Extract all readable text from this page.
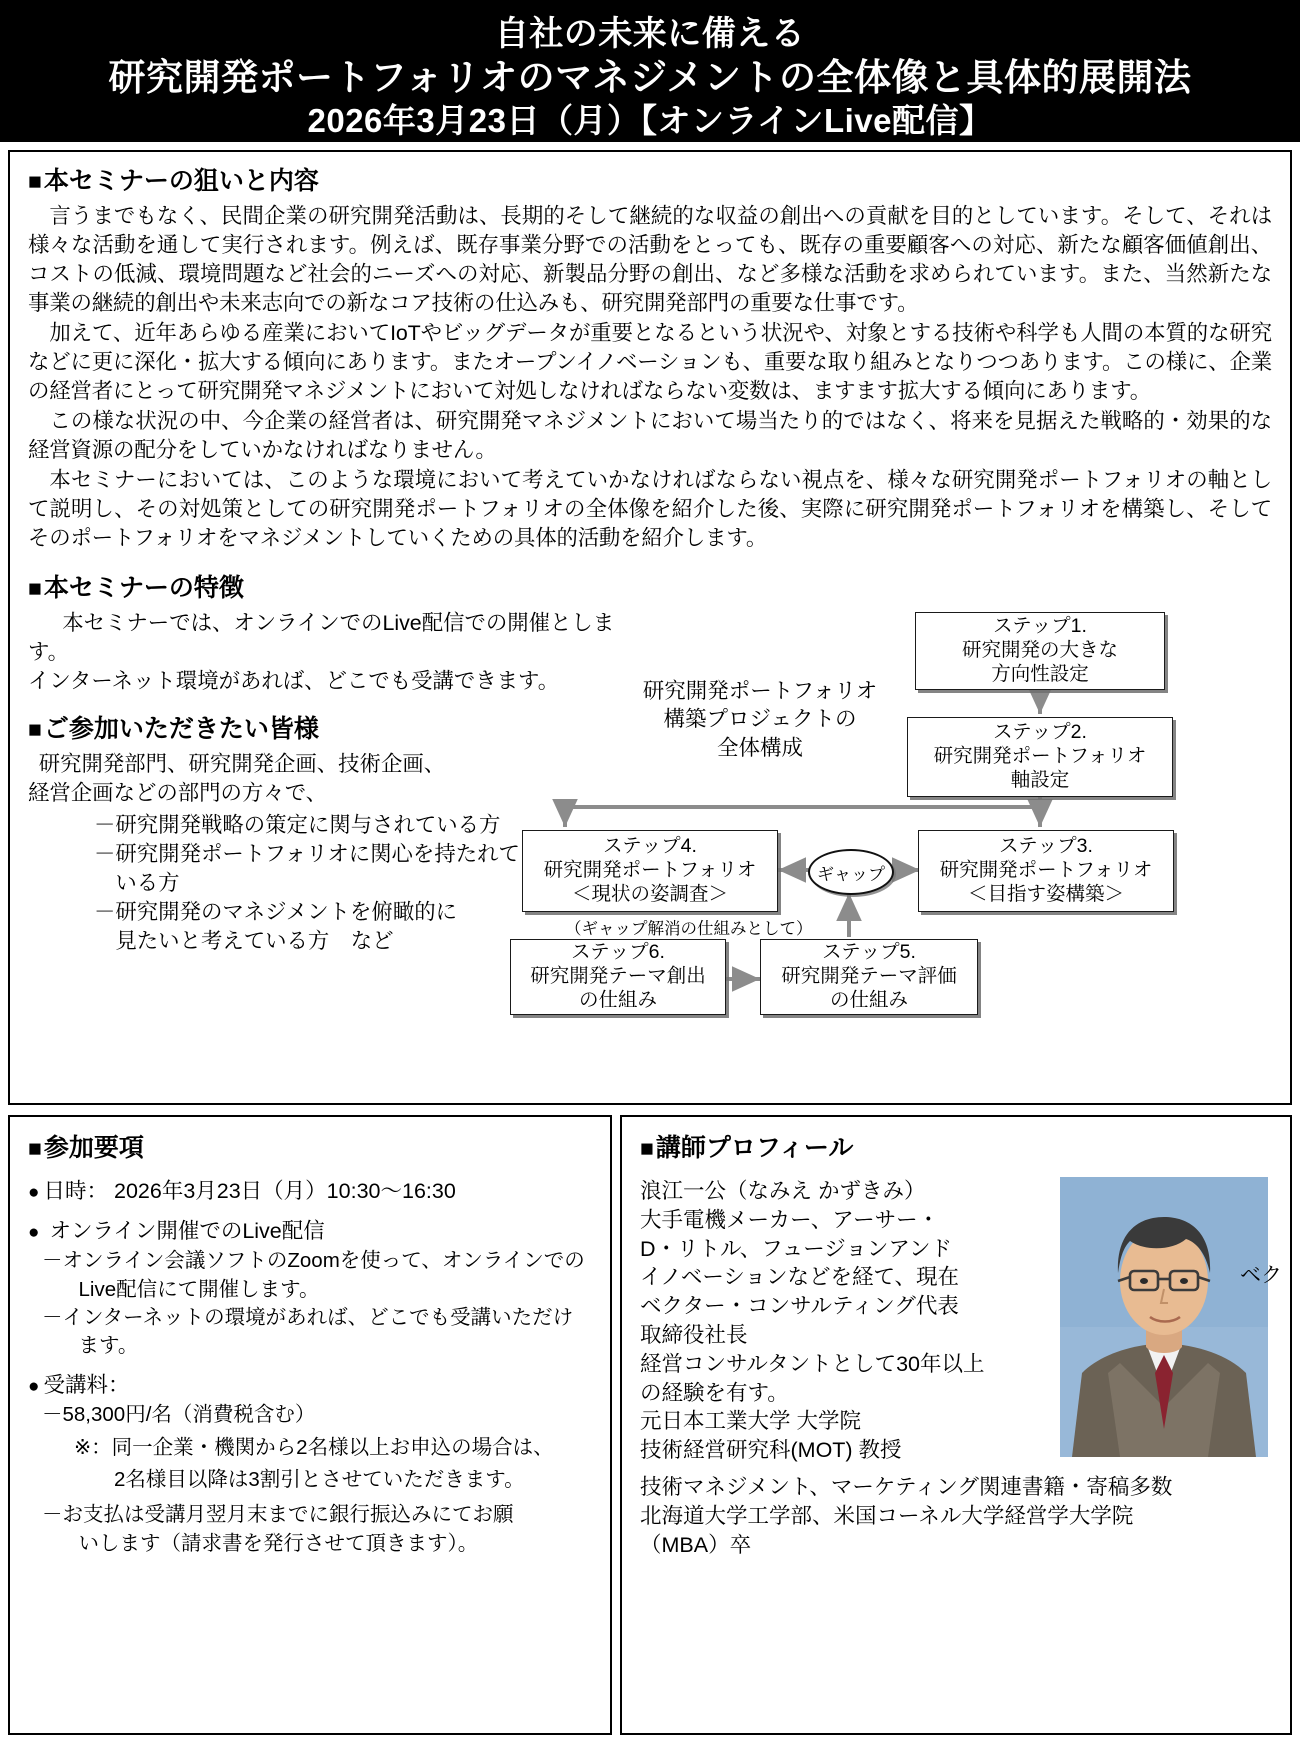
自社の未来に備える
研究開発ポートフォリオのマネジメントの全体像と具体的展開法
2026年3月23日（月）【オンラインLive配信】
■本セミナーの狙いと内容

言うまでもなく、民間企業の研究開発活動は、長期的そして継続的な収益の創出への貢献を目的としています。そして、それは様々な活動を通して実行されます。例えば、既存事業分野での活動をとっても、既存の重要顧客への対応、新たな顧客価値創出、コストの低減、環境問題など社会的ニーズへの対応、新製品分野の創出、など多様な活動を求められています。また、当然新たな事業の継続的創出や未来志向での新なコア技術の仕込みも、研究開発部門の重要な仕事です。

加えて、近年あらゆる産業においてIoTやビッグデータが重要となるという状況や、対象とする技術や科学も人間の本質的な研究などに更に深化・拡大する傾向にあります。またオープンイノベーションも、重要な取り組みとなりつつあります。この様に、企業の経営者にとって研究開発マネジメントにおいて対処しなければならない変数は、ますます拡大する傾向にあります。

この様な状況の中、今企業の経営者は、研究開発マネジメントにおいて場当たり的ではなく、将来を見据えた戦略的・効果的な経営資源の配分をしていかなければなりません。

本セミナーにおいては、このような環境において考えていかなければならない視点を、様々な研究開発ポートフォリオの軸として説明し、その対処策としての研究開発ポートフォリオの全体像を紹介した後、実際に研究開発ポートフォリオを構築し、そしてそのポートフォリオをマネジメントしていくための具体的活動を紹介します。

■本セミナーの特徴
本セミナーでは、オンラインでのLive配信での開催とします。
インターネット環境があれば、どこでも受講できます。
■ご参加いただきたい皆様
研究開発部門、研究開発企画、技術企画、
経営企画などの部門の方々で、
－研究開発戦略の策定に関与されている方
－研究開発ポートフォリオに関心を持たれて
　いる方
－研究開発のマネジメントを俯瞰的に
　見たいと考えている方　など
研究開発ポートフォリオ
構築プロジェクトの
全体構成
ステップ1.
研究開発の大きな
方向性設定
ステップ2.
研究開発ポートフォリオ
軸設定
ステップ3.
研究開発ポートフォリオ
＜目指す姿構築＞
ステップ4.
研究開発ポートフォリオ
＜現状の姿調査＞
ステップ5.
研究開発テーマ評価
の仕組み
ステップ6.
研究開発テーマ創出
の仕組み
ギャップ
（ギャップ解消の仕組みとして）
■参加要項
● 日時： 2026年3月23日（月）10:30～16:30
● オンライン開催でのLive配信
－オンライン会議ソフトのZoomを使って、オンラインでの
　Live配信にて開催します。
－インターネットの環境があれば、どこでも受講いただけ
　ます。
● 受講料：
－58,300円/名（消費税含む）
※：同一企業・機関から2名様以上お申込の場合は、
2名様目以降は3割引とさせていただきます。
－お支払は受講月翌月末までに銀行振込みにてお願
　いします（請求書を発行させて頂きます）。
■講師プロフィール
ベク
浪江一公（なみえ かずきみ）
大手電機メーカー、アーサー・
D・リトル、フュージョンアンド
イノベーションなどを経て、現在
ベクター・コンサルティング代表
取締役社長
経営コンサルタントとして30年以上
の経験を有す。
元日本工業大学 大学院
技術経営研究科(MOT) 教授
技術マネジメント、マーケティング関連書籍・寄稿多数
北海道大学工学部、米国コーネル大学経営学大学院
（MBA）卒
